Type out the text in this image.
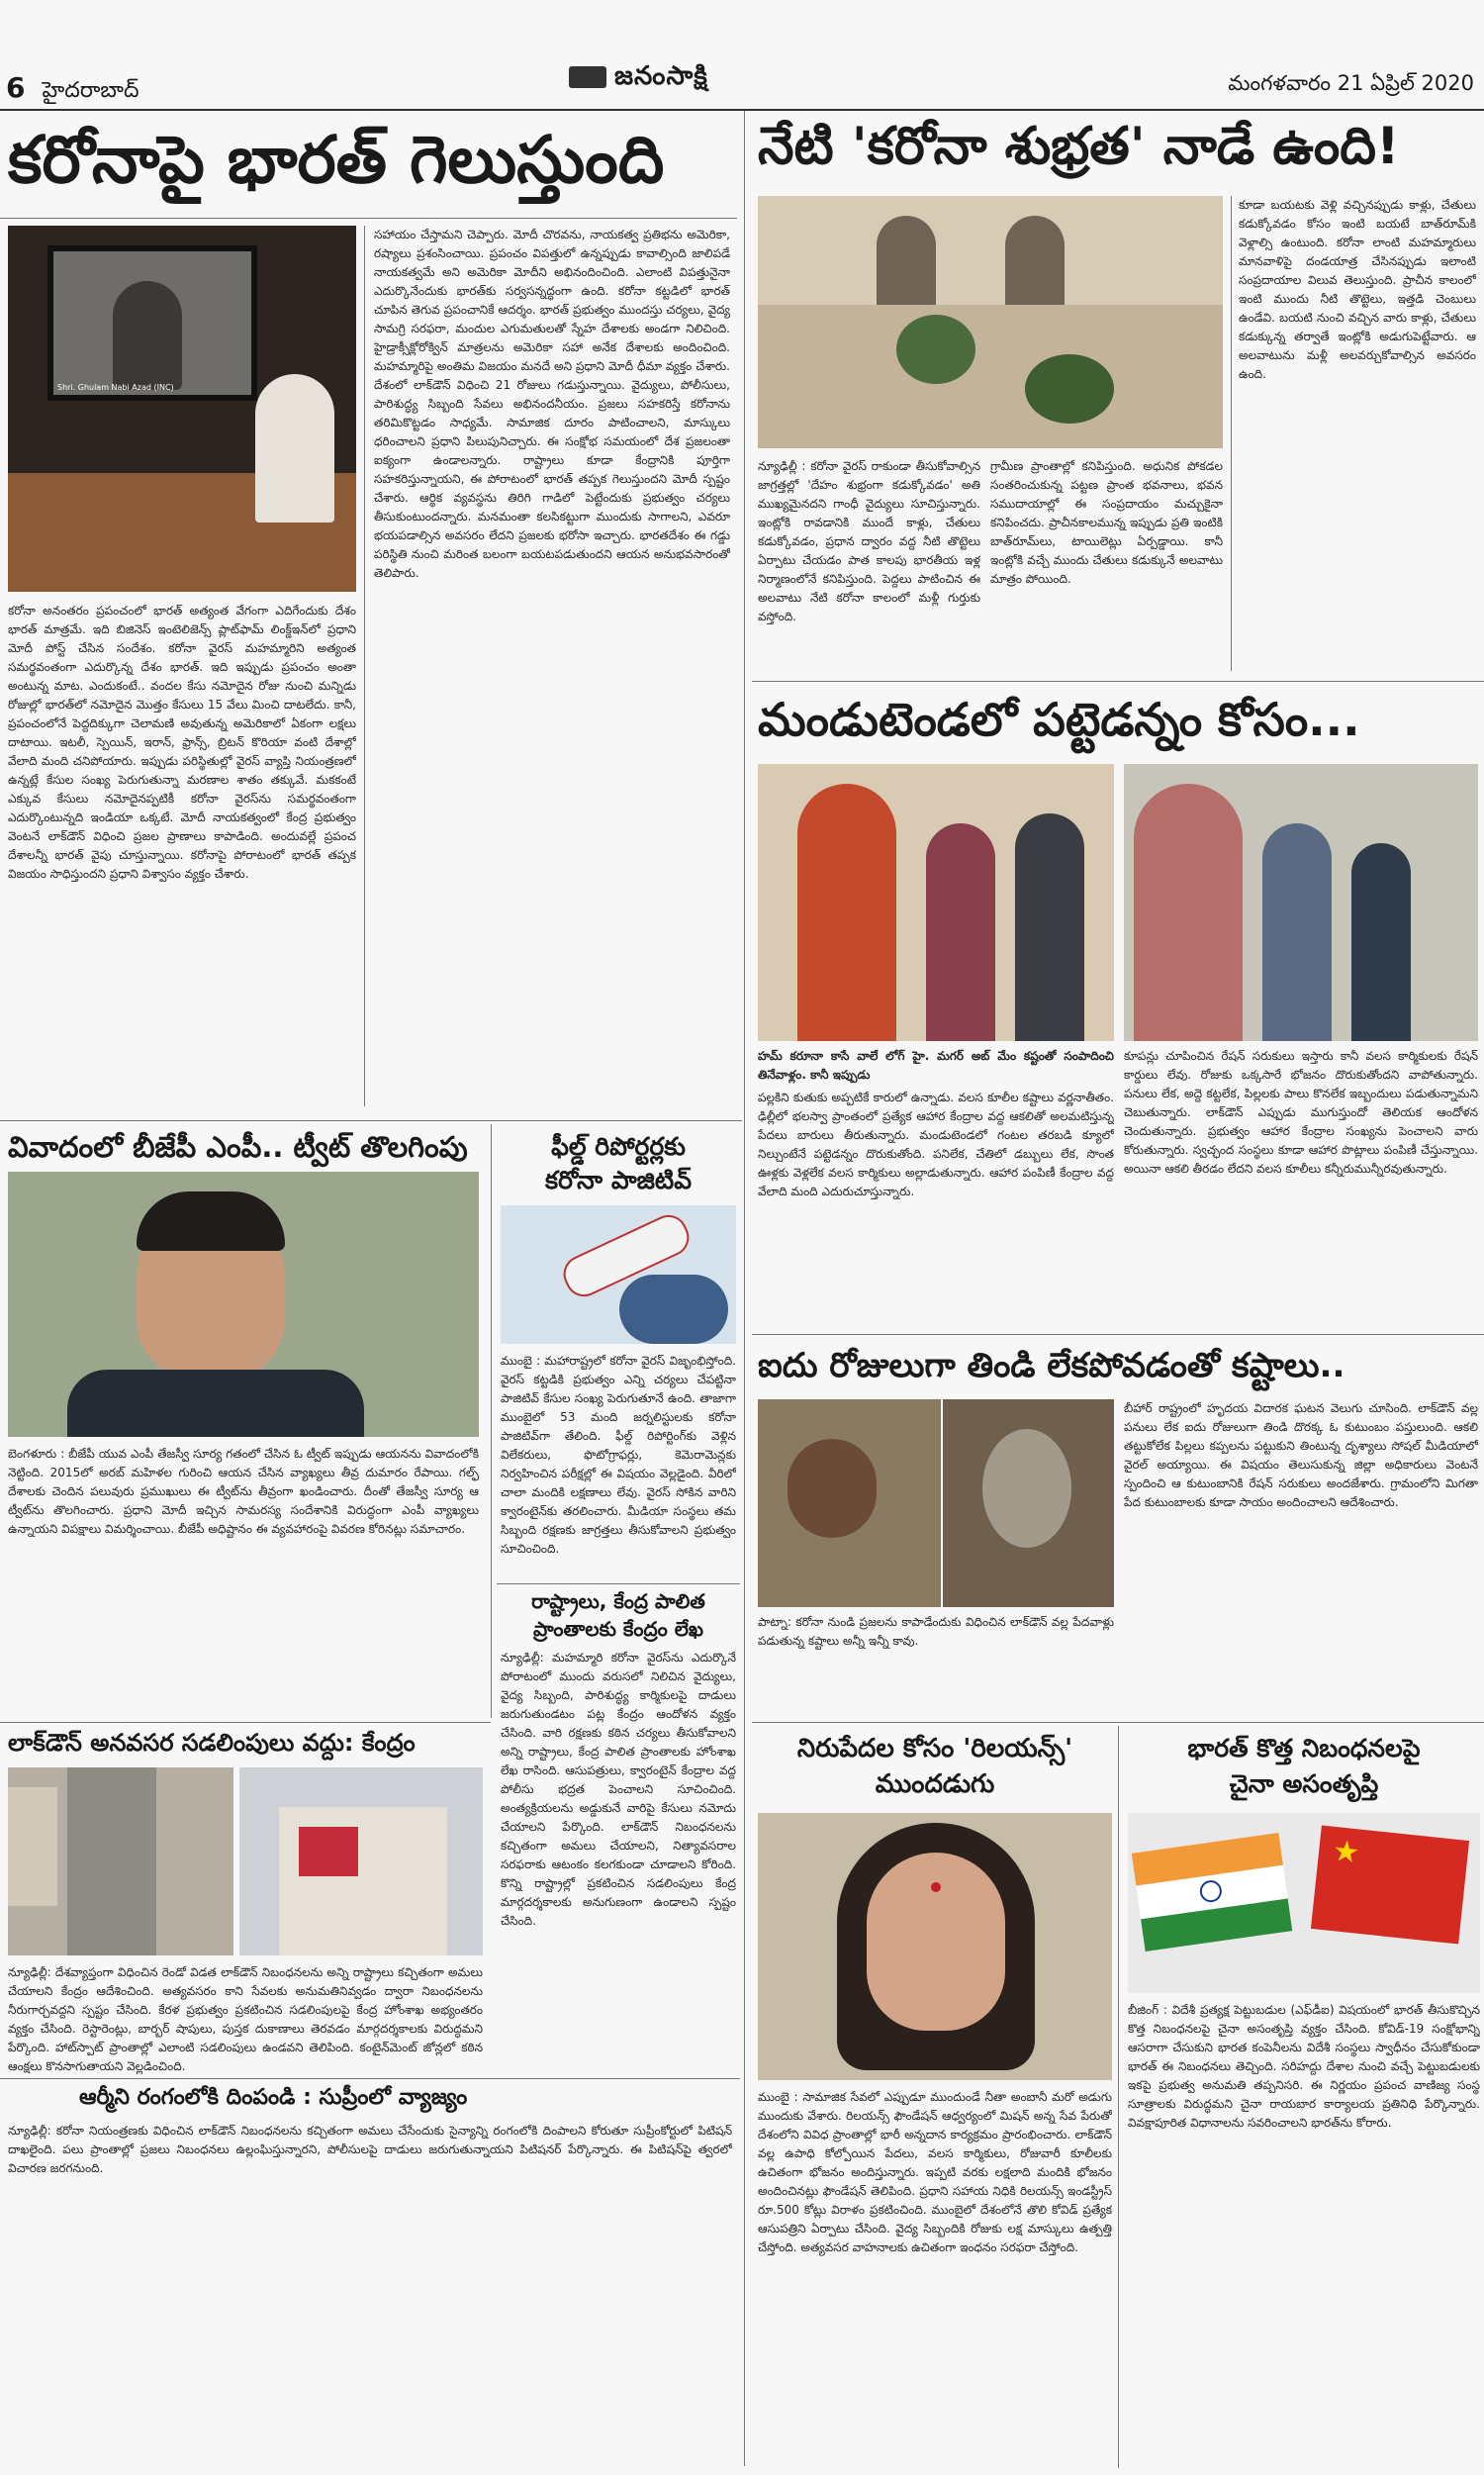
6 హైదరాబాద్	జనంసాక్షి	మంగళవారం 21 ఏప్రిల్ 2020
కరోనాపై భారత్ గెలుస్తుంది
Shri. Ghulam Nabi Azad (INC)
కరోనా అనంతరం ప్రపంచంలో భారత్ అత్యంత వేగంగా ఎదిగేందుకు దేశం భారత్ మాత్రమే. ఇది బిజినెస్ ఇంటెలిజెన్స్ ప్లాట్‌ఫామ్ లింక్డ్‌ఇన్‌లో ప్రధాని మోదీ పోస్ట్ చేసిన సందేశం. కరోనా వైరస్ మహమ్మారిని అత్యంత సమర్థవంతంగా ఎదుర్కొన్న దేశం భారత్. ఇది ఇప్పుడు ప్రపంచం అంతా అంటున్న మాట. ఎందుకంటే.. వందల కేసు నమోదైన రోజు నుంచి మన్నిడు రోజుల్లో భారత్‌లో నమోదైన మొత్తం కేసులు 15 వేలు మించి దాటలేదు. కానీ, ప్రపంచంలోనే పెద్దదిక్కుగా చెలామణి అవుతున్న అమెరికాలో ఏకంగా లక్షలు దాటాయి. ఇటలీ, స్పెయిన్, ఇరాన్, ఫ్రాన్స్, బ్రిటన్ కొరియా వంటి దేశాల్లో వేలాది మంది చనిపోయారు. ఇప్పుడు పరిస్థితుల్లో వైరస్ వ్యాప్తి నియంత్రణలో ఉన్నట్లే కేసుల సంఖ్య పెరుగుతున్నా మరణాల శాతం తక్కువే. మకకంటే ఎక్కువ కేసులు నమోదైనప్పటికీ కరోనా వైరస్‌ను సమర్థవంతంగా ఎదుర్కొంటున్నది ఇండియా ఒక్కటే. మోదీ నాయకత్వంలో కేంద్ర ప్రభుత్వం వెంటనే లాక్‌డౌన్ విధించి ప్రజల ప్రాణాలు కాపాడింది. అందువల్లే ప్రపంచ దేశాలన్నీ భారత్ వైపు చూస్తున్నాయి. కరోనాపై పోరాటంలో భారత్ తప్పక విజయం సాధిస్తుందని ప్రధాని విశ్వాసం వ్యక్తం చేశారు.
సహాయం చేస్తామని చెప్పారు. మోదీ చొరవను, నాయకత్వ ప్రతిభను అమెరికా, రష్యాలు ప్రశంసించాయి. ప్రపంచం విపత్తులో ఉన్నప్పుడు కావాల్సింది జాలిపడే నాయకత్వమే అని అమెరికా మోదీని అభినందించింది. ఎలాంటి విపత్తునైనా ఎదుర్కొనేందుకు భారత్‌కు సర్వసన్నద్ధంగా ఉంది. కరోనా కట్టడిలో భారత్ చూపిన తెగువ ప్రపంచానికే ఆదర్శం. భారత్ ప్రభుత్వం ముందస్తు చర్యలు, వైద్య సామగ్రి సరఫరా, మందుల ఎగుమతులతో స్నేహ దేశాలకు అండగా నిలిచింది. హైడ్రాక్సీక్లోరోక్విన్ మాత్రలను అమెరికా సహా అనేక దేశాలకు అందించింది. మహమ్మారిపై అంతిమ విజయం మనదే అని ప్రధాని మోదీ ధీమా వ్యక్తం చేశారు. దేశంలో లాక్‌డౌన్ విధించి 21 రోజులు గడుస్తున్నాయి. వైద్యులు, పోలీసులు, పారిశుద్ధ్య సిబ్బంది సేవలు అభినందనీయం. ప్రజలు సహకరిస్తే కరోనాను తరిమికొట్టడం సాధ్యమే. సామాజిక దూరం పాటించాలని, మాస్కులు ధరించాలని ప్రధాని పిలుపునిచ్చారు. ఈ సంక్షోభ సమయంలో దేశ ప్రజలంతా ఐక్యంగా ఉండాలన్నారు. రాష్ట్రాలు కూడా కేంద్రానికి పూర్తిగా సహకరిస్తున్నాయని, ఈ పోరాటంలో భారత్ తప్పక గెలుస్తుందని మోదీ స్పష్టం చేశారు. ఆర్థిక వ్యవస్థను తిరిగి గాడిలో పెట్టేందుకు ప్రభుత్వం చర్యలు తీసుకుంటుందన్నారు. మనమంతా కలసికట్టుగా ముందుకు సాగాలని, ఎవరూ భయపడాల్సిన అవసరం లేదని ప్రజలకు భరోసా ఇచ్చారు. భారతదేశం ఈ గడ్డు పరిస్థితి నుంచి మరింత బలంగా బయటపడుతుందని ఆయన అనుభవసారంతో తెలిపారు.
నేటి 'కరోనా శుభ్రత' నాడే ఉంది!
న్యూఢిల్లీ : కరోనా వైరస్ రాకుండా తీసుకోవాల్సిన జాగ్రత్తల్లో 'దేహం శుభ్రంగా కడుక్కోవడం' అతి ముఖ్యమైనదని గాంధీ వైద్యులు సూచిస్తున్నారు. ఇంట్లోకి రావడానికి ముందే కాళ్లు, చేతులు కడుక్కోవడం, ప్రధాన ద్వారం వద్ద నీటి తొట్టెలు ఏర్పాటు చేయడం పాత కాలపు భారతీయ ఇళ్ల నిర్మాణంలోనే కనిపిస్తుంది. పెద్దలు పాటించిన ఈ అలవాటు నేటి కరోనా కాలంలో మళ్లీ గుర్తుకు వస్తోంది.
గ్రామీణ ప్రాంతాల్లో కనిపిస్తుంది. అధునిక పోకడల సంతరించుకున్న పట్టణ ప్రాంత భవనాలు, భవన సముదాయాల్లో ఈ సంప్రదాయం మచ్చుకైనా కనిపించదు. ప్రాచీనకాలమున్న ఇప్పుడు ప్రతి ఇంటికి బాత్‌రూమ్‌లు, టాయిలెట్లు ఏర్పడ్డాయి. కానీ ఇంట్లోకి వచ్చే ముందు చేతులు కడుక్కునే అలవాటు మాత్రం పోయింది.
కూడా బయటకు వెళ్లి వచ్చినప్పుడు కాళ్లు, చేతులు కడుక్కోవడం కోసం ఇంటి బయటే బాత్‌రూమ్‌కి వెళ్లాల్సి ఉంటుంది. కరోనా లాంటి మహమ్మారులు మానవాళిపై దండయాత్ర చేసినప్పుడు ఇలాంటి సంప్రదాయాల విలువ తెలుస్తుంది. ప్రాచీన కాలంలో ఇంటి ముందు నీటి తొట్టెలు, ఇత్తడి చెంబులు ఉండేవి. బయటి నుంచి వచ్చిన వారు కాళ్లు, చేతులు కడుక్కున్న తర్వాతే ఇంట్లోకి అడుగుపెట్టేవారు. ఆ అలవాటును మళ్లీ అలవర్చుకోవాల్సిన అవసరం ఉంది.
మండుటెండలో పట్టెడన్నం కోసం...
హమ్ కరూనా కాసే వాలే లోగ్ హై. మగర్ అబ్ మేం కష్టంతో సంపాదించి తినేవాళ్లం. కానీ ఇప్పుడు
పల్లకిని కుతుకు అప్పటికే కారులో ఉన్నాడు. వలస కూలీల కష్టాలు వర్ణనాతీతం. ఢిల్లీలో భలస్వా ప్రాంతంలో ప్రత్యేక ఆహార కేంద్రాల వద్ద ఆకలితో అలమటిస్తున్న పేదలు బారులు తీరుతున్నారు. మండుటెండలో గంటల తరబడి క్యూలో నిల్చుంటేనే పట్టెడన్నం దొరుకుతోంది. పనిలేక, చేతిలో డబ్బులు లేక, సొంత ఊళ్లకు వెళ్లలేక వలస కార్మికులు అల్లాడుతున్నారు. ఆహార పంపిణీ కేంద్రాల వద్ద వేలాది మంది ఎదురుచూస్తున్నారు.
కూపన్లు చూపించిన రేషన్ సరుకులు ఇస్తారు కానీ వలస కార్మికులకు రేషన్ కార్డులు లేవు. రోజుకు ఒక్కసారే భోజనం దొరుకుతోందని వాపోతున్నారు. పనులు లేక, అద్దె కట్టలేక, పిల్లలకు పాలు కొనలేక ఇబ్బందులు పడుతున్నామని చెబుతున్నారు. లాక్‌డౌన్ ఎప్పుడు ముగుస్తుందో తెలియక ఆందోళన చెందుతున్నారు. ప్రభుత్వం ఆహార కేంద్రాల సంఖ్యను పెంచాలని వారు కోరుతున్నారు. స్వచ్ఛంద సంస్థలు కూడా ఆహార పొట్లాలు పంపిణీ చేస్తున్నాయి. అయినా ఆకలి తీరడం లేదని వలస కూలీలు కన్నీరుమున్నీరవుతున్నారు.
వివాదంలో బీజేపీ ఎంపీ.. ట్వీట్ తొలగింపు
బెంగళూరు : బీజేపీ యువ ఎంపీ తేజస్వీ సూర్య గతంలో చేసిన ఓ ట్వీట్ ఇప్పుడు ఆయనను వివాదంలోకి నెట్టింది. 2015లో అరబ్ మహిళల గురించి ఆయన చేసిన వ్యాఖ్యలు తీవ్ర దుమారం రేపాయి. గల్ఫ్ దేశాలకు చెందిన పలువురు ప్రముఖులు ఈ ట్వీట్‌ను తీవ్రంగా ఖండించారు. దీంతో తేజస్వీ సూర్య ఆ ట్వీట్‌ను తొలగించారు. ప్రధాని మోదీ ఇచ్చిన సామరస్య సందేశానికి విరుద్ధంగా ఎంపీ వ్యాఖ్యలు ఉన్నాయని విపక్షాలు విమర్శించాయి. బీజేపీ అధిష్టానం ఈ వ్యవహారంపై వివరణ కోరినట్లు సమాచారం.
ఫీల్డ్ రిపోర్టర్లకు
కరోనా పాజిటివ్
ముంబై : మహారాష్ట్రలో కరోనా వైరస్ విజృంభిస్తోంది. వైరస్ కట్టడికి ప్రభుత్వం ఎన్ని చర్యలు చేపట్టినా పాజిటివ్ కేసుల సంఖ్య పెరుగుతూనే ఉంది. తాజాగా ముంబైలో 53 మంది జర్నలిస్టులకు కరోనా పాజిటివ్‌గా తేలింది. ఫీల్డ్ రిపోర్టింగ్‌కు వెళ్లిన విలేకరులు, ఫొటోగ్రాఫర్లు, కెమెరామెన్లకు నిర్వహించిన పరీక్షల్లో ఈ విషయం వెల్లడైంది. వీరిలో చాలా మందికి లక్షణాలు లేవు. వైరస్ సోకిన వారిని క్వారంటైన్‌కు తరలించారు. మీడియా సంస్థలు తమ సిబ్బంది రక్షణకు జాగ్రత్తలు తీసుకోవాలని ప్రభుత్వం సూచించింది.
ఐదు రోజులుగా తిండి లేకపోవడంతో కష్టాలు..
పాట్నా: కరోనా నుండి ప్రజలను కాపాడేందుకు విధించిన లాక్‌డౌన్ వల్ల పేదవాళ్లు పడుతున్న కష్టాలు అన్నీ ఇన్నీ కావు.
బీహార్ రాష్ట్రంలో హృదయ విదారక ఘటన వెలుగు చూసింది. లాక్‌డౌన్ వల్ల పనులు లేక ఐదు రోజులుగా తిండి దొరక్క ఓ కుటుంబం పస్తులుంది. ఆకలి తట్టుకోలేక పిల్లలు కప్పలను పట్టుకుని తింటున్న దృశ్యాలు సోషల్ మీడియాలో వైరల్ అయ్యాయి. ఈ విషయం తెలుసుకున్న జిల్లా అధికారులు వెంటనే స్పందించి ఆ కుటుంబానికి రేషన్ సరుకులు అందజేశారు. గ్రామంలోని మిగతా పేద కుటుంబాలకు కూడా సాయం అందించాలని ఆదేశించారు.
రాష్ట్రాలు, కేంద్ర పాలిత
ప్రాంతాలకు కేంద్రం లేఖ
న్యూఢిల్లీ: మహమ్మారి కరోనా వైరస్‌ను ఎదుర్కొనే పోరాటంలో ముందు వరుసలో నిలిచిన వైద్యులు, వైద్య సిబ్బంది, పారిశుద్ధ్య కార్మికులపై దాడులు జరుగుతుండటం పట్ల కేంద్రం ఆందోళన వ్యక్తం చేసింది. వారి రక్షణకు కఠిన చర్యలు తీసుకోవాలని అన్ని రాష్ట్రాలు, కేంద్ర పాలిత ప్రాంతాలకు హోంశాఖ లేఖ రాసింది. ఆసుపత్రులు, క్వారంటైన్ కేంద్రాల వద్ద పోలీసు భద్రత పెంచాలని సూచించింది. అంత్యక్రియలను అడ్డుకునే వారిపై కేసులు నమోదు చేయాలని పేర్కొంది. లాక్‌డౌన్ నిబంధనలను కచ్చితంగా అమలు చేయాలని, నిత్యావసరాల సరఫరాకు ఆటంకం కలగకుండా చూడాలని కోరింది. కొన్ని రాష్ట్రాల్లో ప్రకటించిన సడలింపులు కేంద్ర మార్గదర్శకాలకు అనుగుణంగా ఉండాలని స్పష్టం చేసింది.
లాక్‌డౌన్ అనవసర సడలింపులు వద్దు: కేంద్రం
న్యూఢిల్లీ: దేశవ్యాప్తంగా విధించిన రెండో విడత లాక్‌డౌన్ నిబంధనలను అన్ని రాష్ట్రాలు కచ్చితంగా అమలు చేయాలని కేంద్రం ఆదేశించింది. అత్యవసరం కాని సేవలకు అనుమతినివ్వడం ద్వారా నిబంధనలను నీరుగార్చవద్దని స్పష్టం చేసింది. కేరళ ప్రభుత్వం ప్రకటించిన సడలింపులపై కేంద్ర హోంశాఖ అభ్యంతరం వ్యక్తం చేసింది. రెస్టారెంట్లు, బార్బర్ షాపులు, పుస్తక దుకాణాలు తెరవడం మార్గదర్శకాలకు విరుద్ధమని పేర్కొంది. హాట్‌స్పాట్ ప్రాంతాల్లో ఎలాంటి సడలింపులు ఉండవని తెలిపింది. కంటైన్‌మెంట్ జోన్లలో కఠిన ఆంక్షలు కొనసాగుతాయని వెల్లడించింది.
ఆర్మీని రంగంలోకి దింపండి : సుప్రీంలో వ్యాజ్యం
న్యూఢిల్లీ: కరోనా నియంత్రణకు విధించిన లాక్‌డౌన్ నిబంధనలను కచ్చితంగా అమలు చేసేందుకు సైన్యాన్ని రంగంలోకి దింపాలని కోరుతూ సుప్రీంకోర్టులో పిటిషన్ దాఖలైంది. పలు ప్రాంతాల్లో ప్రజలు నిబంధనలు ఉల్లంఘిస్తున్నారని, పోలీసులపై దాడులు జరుగుతున్నాయని పిటిషనర్ పేర్కొన్నారు. ఈ పిటిషన్‌పై త్వరలో విచారణ జరగనుంది.
నిరుపేదల కోసం 'రిలయన్స్'
ముందడుగు
ముంబై : సామాజిక సేవలో ఎప్పుడూ ముందుండే నీతా అంబానీ మరో అడుగు ముందుకు వేశారు. రిలయన్స్ ఫౌండేషన్ ఆధ్వర్యంలో మిషన్ అన్న సేవ పేరుతో దేశంలోని వివిధ ప్రాంతాల్లో భారీ అన్నదాన కార్యక్రమం ప్రారంభించారు. లాక్‌డౌన్ వల్ల ఉపాధి కోల్పోయిన పేదలు, వలస కార్మికులు, రోజువారీ కూలీలకు ఉచితంగా భోజనం అందిస్తున్నారు. ఇప్పటి వరకు లక్షలాది మందికి భోజనం అందించినట్లు ఫౌండేషన్ తెలిపింది. ప్రధాని సహాయ నిధికి రిలయన్స్ ఇండస్ట్రీస్ రూ.500 కోట్లు విరాళం ప్రకటించింది. ముంబైలో దేశంలోనే తొలి కోవిడ్ ప్రత్యేక ఆసుపత్రిని ఏర్పాటు చేసింది. వైద్య సిబ్బందికి రోజుకు లక్ష మాస్కులు ఉత్పత్తి చేస్తోంది. అత్యవసర వాహనాలకు ఉచితంగా ఇంధనం సరఫరా చేస్తోంది.
భారత్ కొత్త నిబంధనలపై
చైనా అసంతృప్తి
★
బీజింగ్ : విదేశీ ప్రత్యక్ష పెట్టుబడుల (ఎఫ్‌డీఐ) విషయంలో భారత్ తీసుకొచ్చిన కొత్త నిబంధనలపై చైనా అసంతృప్తి వ్యక్తం చేసింది. కోవిడ్-19 సంక్షోభాన్ని ఆసరాగా చేసుకుని భారత కంపెనీలను విదేశీ సంస్థలు స్వాధీనం చేసుకోకుండా భారత్ ఈ నిబంధనలు తెచ్చింది. సరిహద్దు దేశాల నుంచి వచ్చే పెట్టుబడులకు ఇకపై ప్రభుత్వ అనుమతి తప్పనిసరి. ఈ నిర్ణయం ప్రపంచ వాణిజ్య సంస్థ సూత్రాలకు విరుద్ధమని చైనా రాయబార కార్యాలయ ప్రతినిధి పేర్కొన్నారు. వివక్షాపూరిత విధానాలను సవరించాలని భారత్‌ను కోరారు.
